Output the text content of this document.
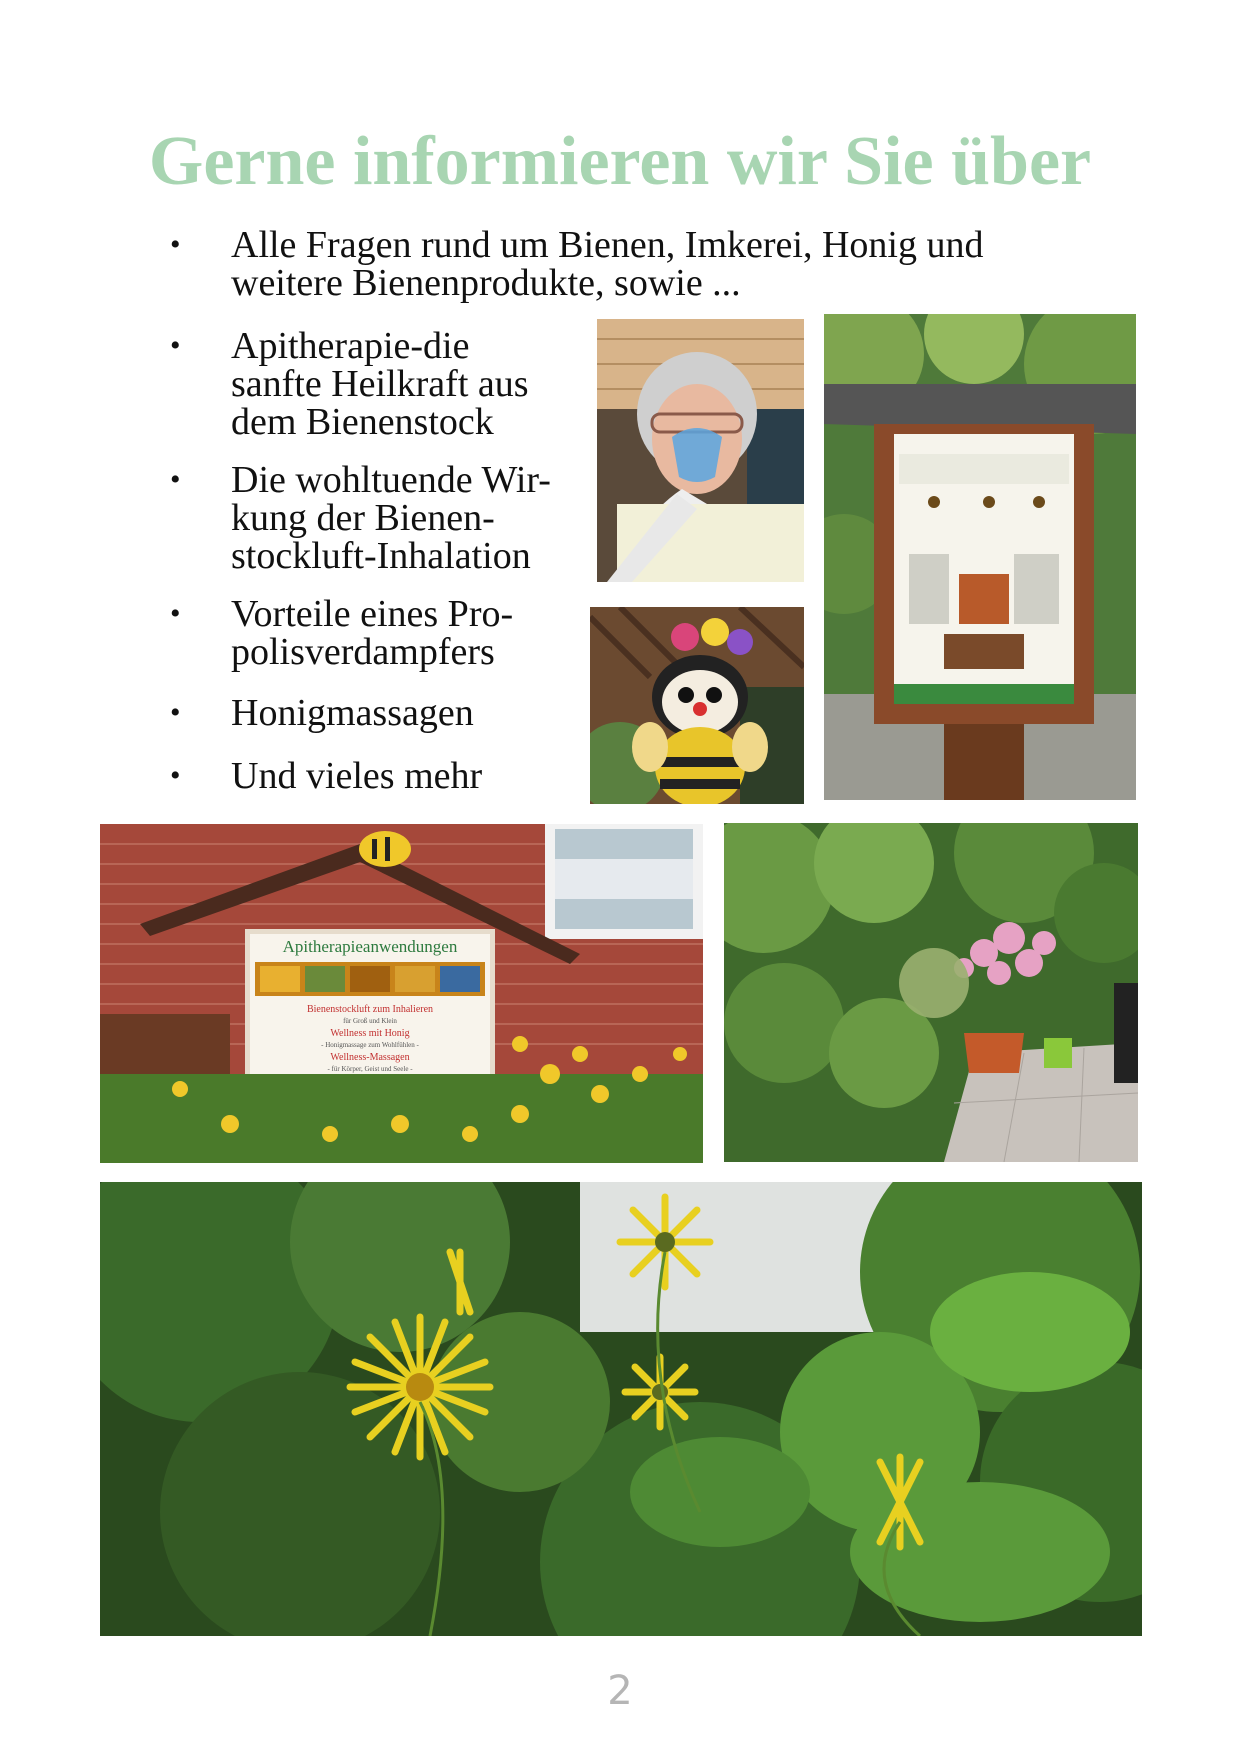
Gerne informieren wir Sie über
•	Alle Fragen rund um Bienen, Imkerei, Honig und
weitere Bienenprodukte, sowie ...
•	Apitherapie-die
sanfte Heilkraft aus
dem Bienenstock
•	Die wohltuende Wir-
kung der Bienen-
stockluft-Inhalation
•	Vorteile eines Pro-
polisverdampfers
•	Honigmassagen
•	Und vieles mehr
Apitherapieanwendungen
Bienenstockluft zum Inhalieren
für Groß und Klein
Wellness mit Honig
- Honigmassage zum Wohlfühlen -
Wellness-Massagen
- für Körper, Geist und Seele -
2
